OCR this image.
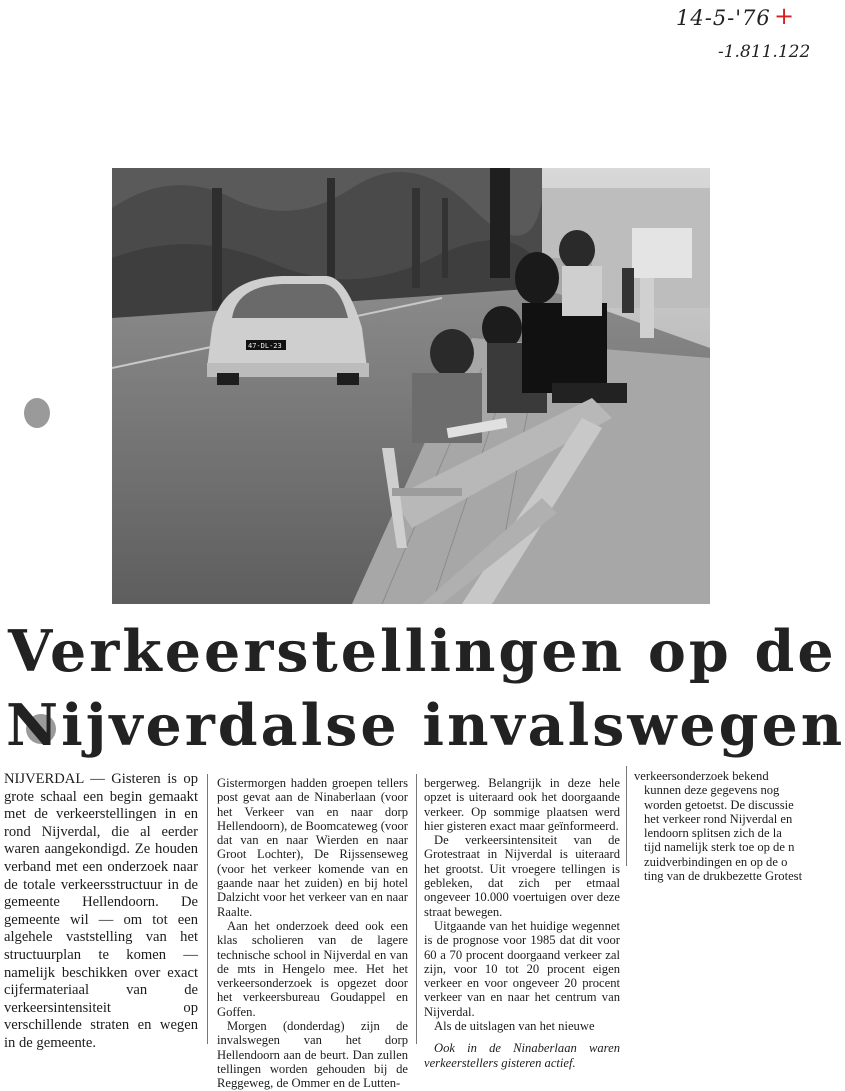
14-5-'76 +
-1.811.122
47-DL-23
Verkeerstellingen op de
Nijverdalse invalswegen

NIJVERDAL — Gisteren is op grote schaal een begin gemaakt met de verkeerstellingen in en rond Nijverdal, die al eerder waren aangekondigd. Ze houden verband met een onderzoek naar de totale verkeersstructuur in de gemeente Hellendoorn. De gemeente wil — om tot een algehele vaststelling van het structuurplan te komen — namelijk beschikken over exact cijfermateriaal van de verkeersintensiteit op verschillende straten en wegen in de gemeente.

Gistermorgen hadden groepen tellers post gevat aan de Ninaberlaan (voor het Verkeer van en naar dorp Hellendoorn), de Boomcateweg (voor dat van en naar Wierden en naar Groot Lochter), De Rijssenseweg (voor het verkeer komende van en gaande naar het zuiden) en bij hotel Dalzicht voor het verkeer van en naar Raalte.

Aan het onderzoek deed ook een klas scholieren van de lagere technische school in Nijverdal en van de mts in Hengelo mee. Het het verkeersonderzoek is opgezet door het verkeersbureau Goudappel en Goffen.

Morgen (donderdag) zijn de invalswegen van het dorp Hellendoorn aan de beurt. Dan zullen tellingen worden gehouden bij de Reggeweg, de Ommer en de Lutten-

bergerweg. Belangrijk in deze hele opzet is uiteraard ook het doorgaande verkeer. Op sommige plaatsen werd hier gisteren exact maar geïnformeerd.

De verkeersintensiteit van de Grotestraat in Nijverdal is uiteraard het grootst. Uit vroegere tellingen is gebleken, dat zich per etmaal ongeveer 10.000 voertuigen over deze straat bewegen.

Uitgaande van het huidige wegennet is de prognose voor 1985 dat dit voor 60 a 70 procent doorgaand verkeer zal zijn, voor 10 tot 20 procent eigen verkeer en voor ongeveer 20 procent verkeer van en naar het centrum van Nijverdal.

Als de uitslagen van het nieuwe

Ook in de Ninaberlaan waren verkeerstellers gisteren actief.

verkeersonderzoek bekend

kunnen deze gegevens nog

worden getoetst. De discussie

het verkeer rond Nijverdal en

lendoorn splitsen zich de la

tijd namelijk sterk toe op de n

zuidverbindingen en op de o

ting van de drukbezette Grotest
